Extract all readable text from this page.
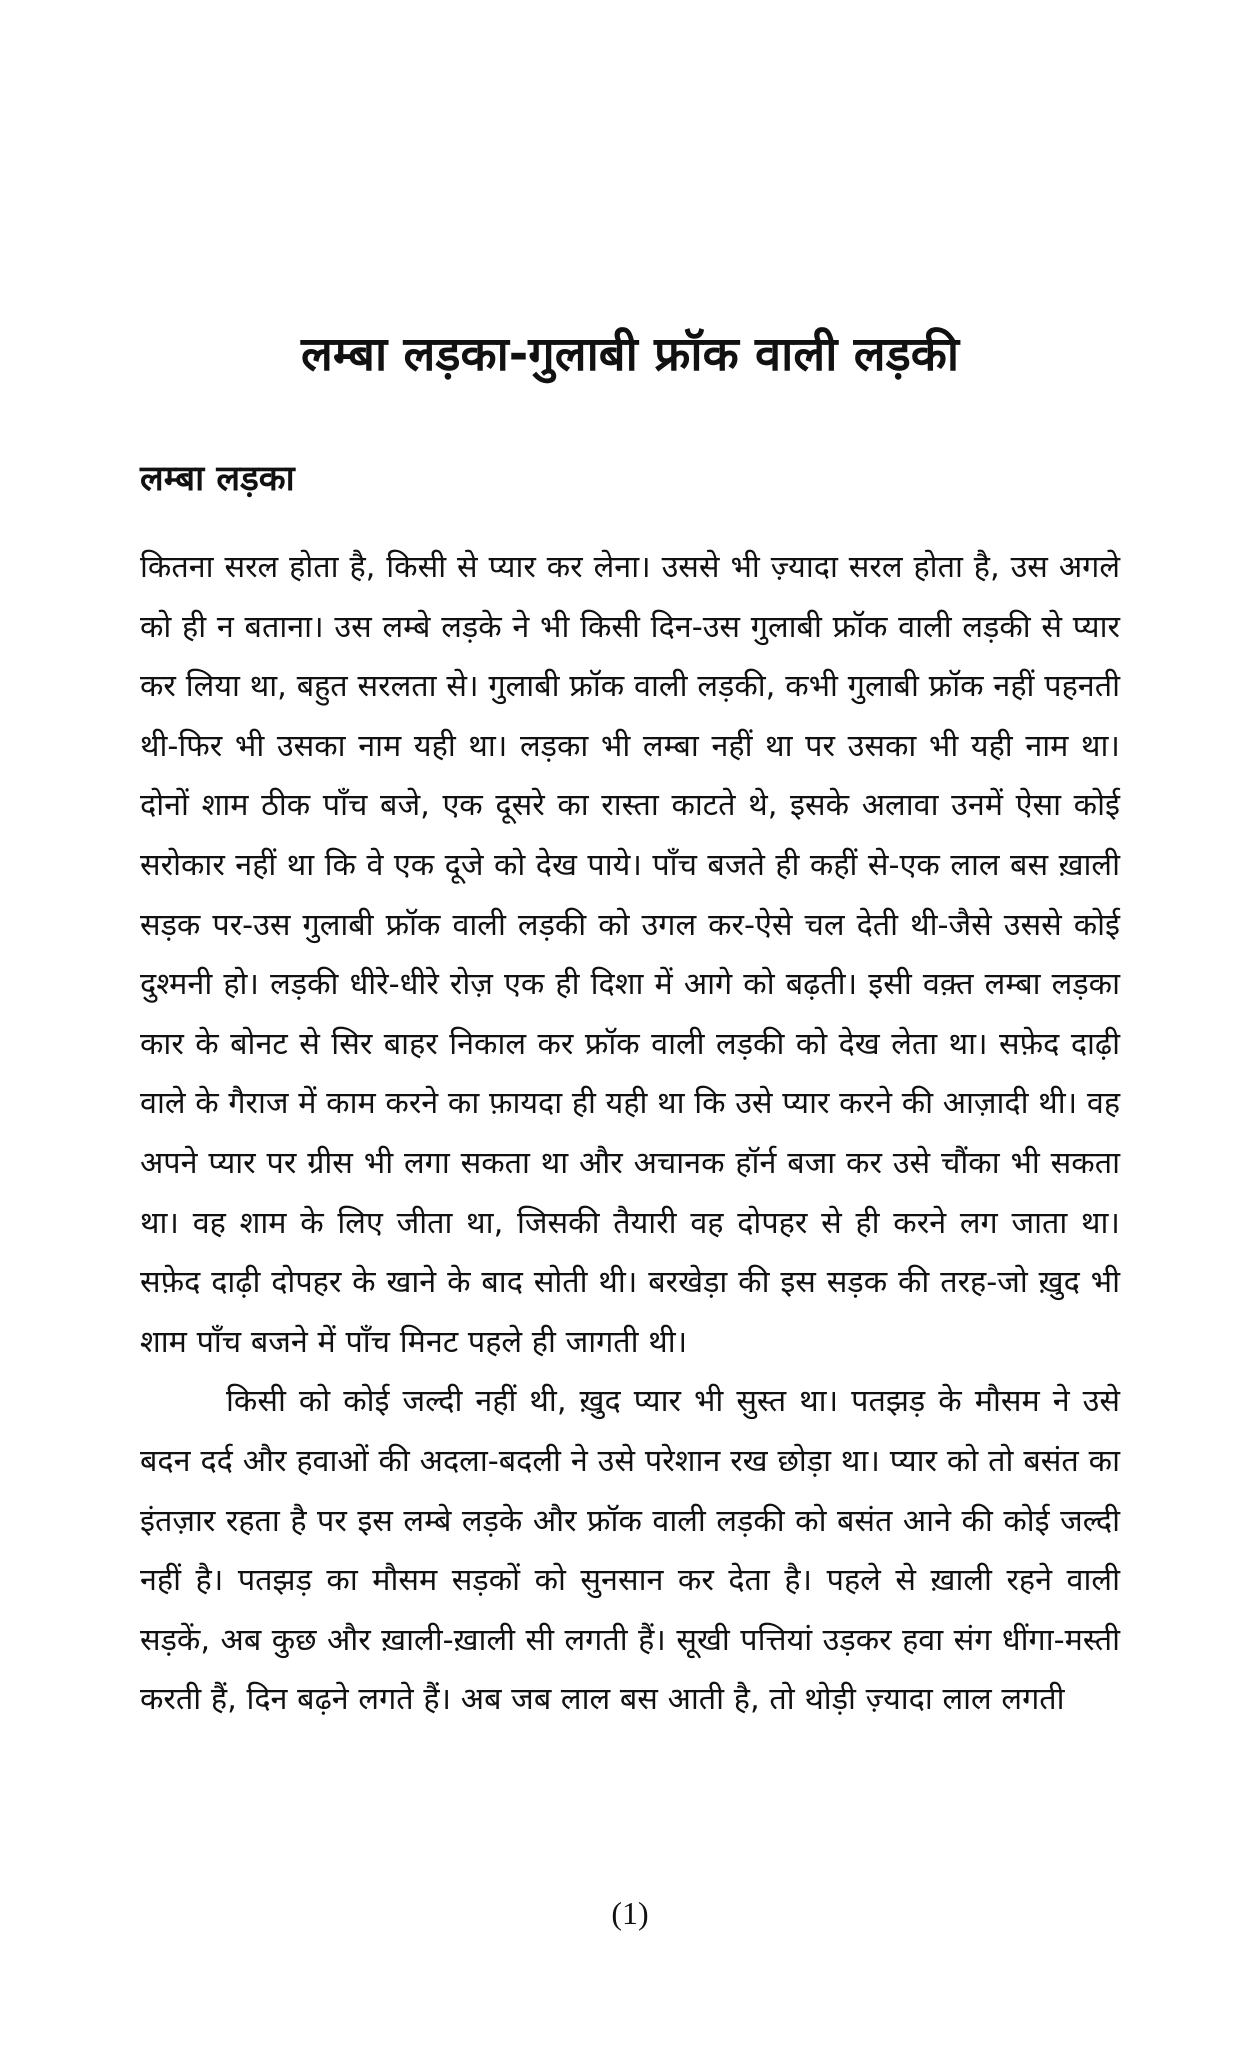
लम्बा लड़का-गुलाबी फ्रॉक वाली लड़की
लम्बा लड़का

कितना सरल होता है, किसी से प्यार कर लेना। उससे भी ज़्यादा सरल होता है, उस अगले को ही न बताना। उस लम्बे लड़के ने भी किसी दिन-उस गुलाबी फ्रॉक वाली लड़की से प्यार कर लिया था, बहुत सरलता से। गुलाबी फ्रॉक वाली लड़की, कभी गुलाबी फ्रॉक नहीं पहनती थी-फिर भी उसका नाम यही था। लड़का भी लम्बा नहीं था पर उसका भी यही नाम था। दोनों शाम ठीक पाँच बजे, एक दूसरे का रास्ता काटते थे, इसके अलावा उनमें ऐसा कोई सरोकार नहीं था कि वे एक दूजे को देख पाये। पाँच बजते ही कहीं से-एक लाल बस ख़ाली सड़क पर-उस गुलाबी फ्रॉक वाली लड़की को उगल कर-ऐसे चल देती थी-जैसे उससे कोई दुश्मनी हो। लड़की धीरे-धीरे रोज़ एक ही दिशा में आगे को बढ़ती। इसी वक़्त लम्बा लड़का कार के बोनट से सिर बाहर निकाल कर फ्रॉक वाली लड़की को देख लेता था। सफ़ेद दाढ़ी वाले के गैराज में काम करने का फ़ायदा ही यही था कि उसे प्यार करने की आज़ादी थी। वह अपने प्यार पर ग्रीस भी लगा सकता था और अचानक हॉर्न बजा कर उसे चौंका भी सकता था। वह शाम के लिए जीता था, जिसकी तैयारी वह दोपहर से ही करने लग जाता था। सफ़ेद दाढ़ी दोपहर के खाने के बाद सोती थी। बरखेड़ा की इस सड़क की तरह-जो ख़ुद भी शाम पाँच बजने में पाँच मिनट पहले ही जागती थी।

किसी को कोई जल्दी नहीं थी, ख़ुद प्यार भी सुस्त था। पतझड़ के मौसम ने उसे बदन दर्द और हवाओं की अदला-बदली ने उसे परेशान रख छोड़ा था। प्यार को तो बसंत का इंतज़ार रहता है पर इस लम्बे लड़के और फ्रॉक वाली लड़की को बसंत आने की कोई जल्दी नहीं है। पतझड़ का मौसम सड़कों को सुनसान कर देता है। पहले से ख़ाली रहने वाली सड़कें, अब कुछ और ख़ाली-ख़ाली सी लगती हैं। सूखी पत्तियां उड़कर हवा संग धींगा-मस्ती करती हैं, दिन बढ़ने लगते हैं। अब जब लाल बस आती है, तो थोड़ी ज़्यादा लाल लगती

(1)
